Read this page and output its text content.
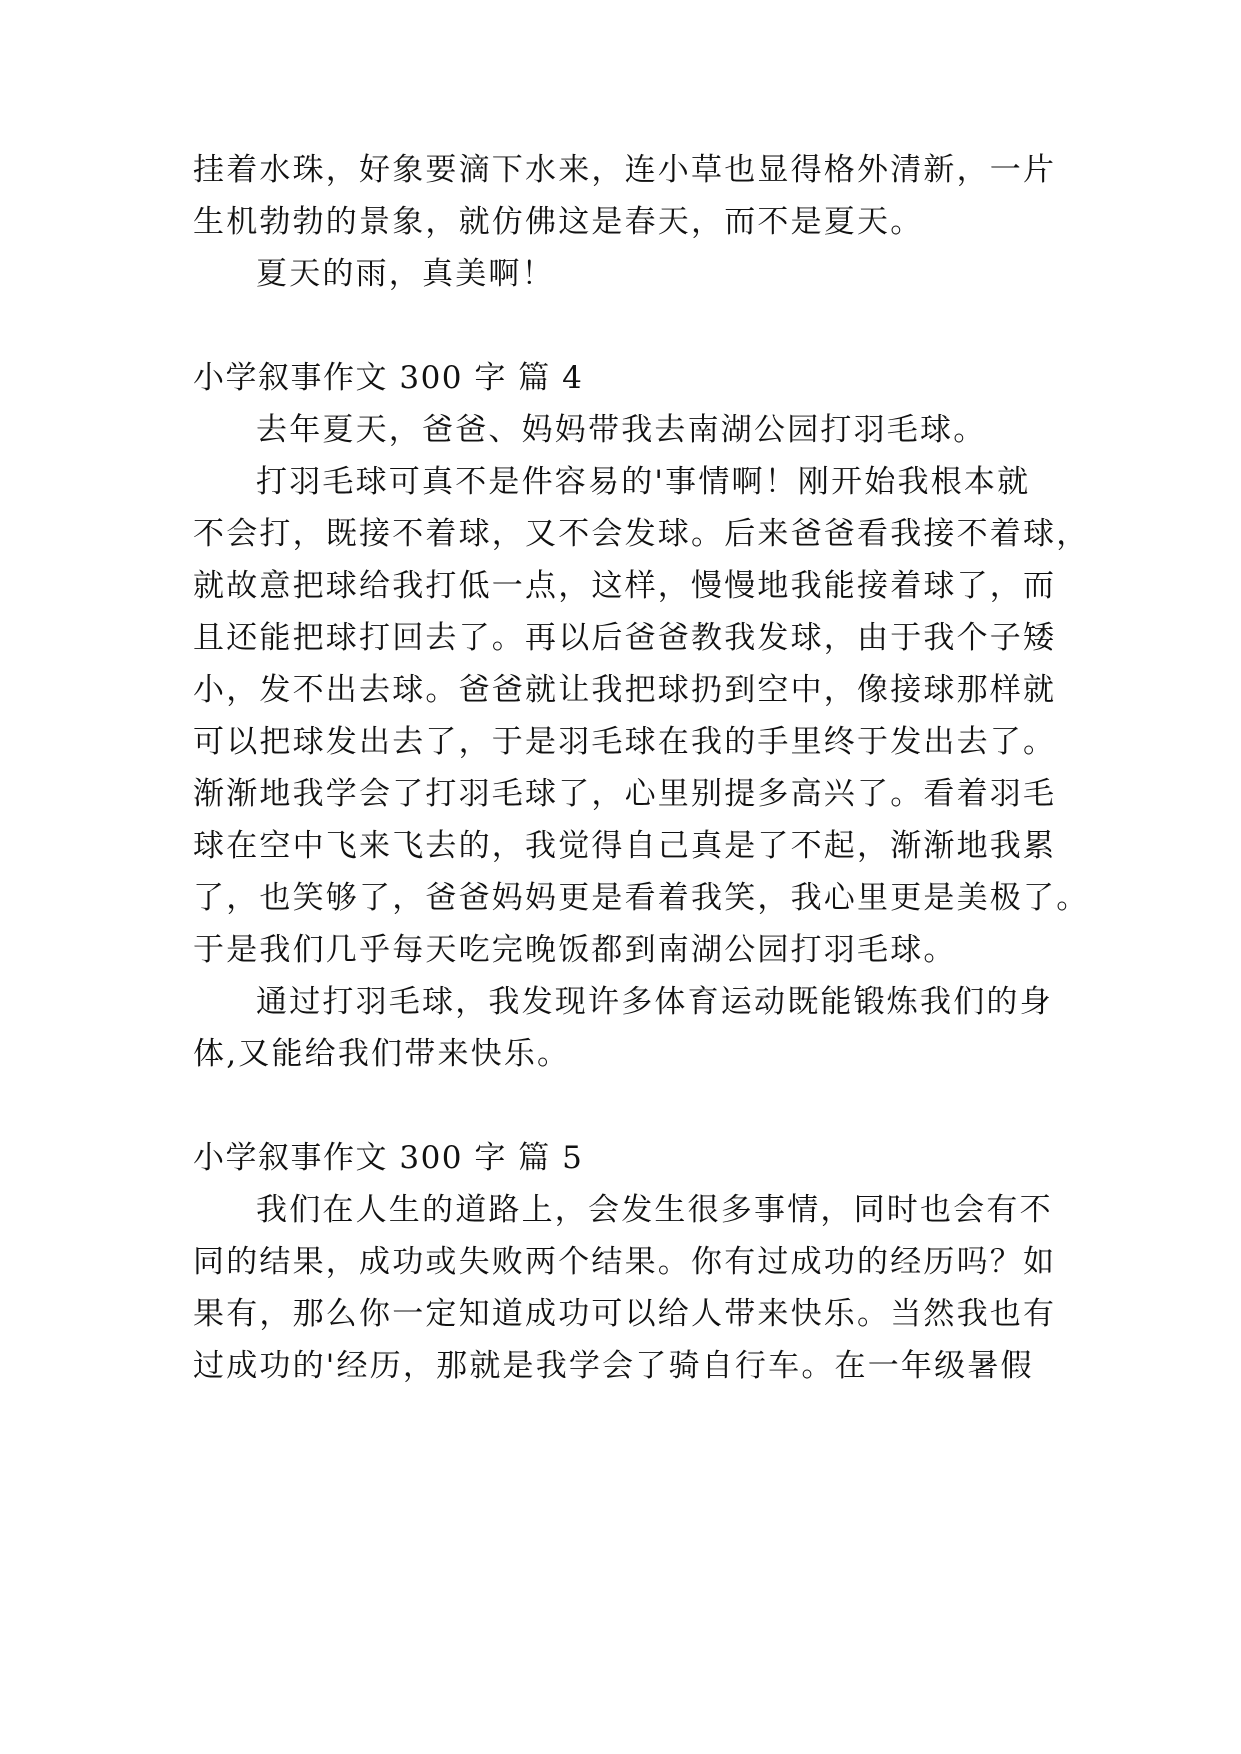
挂着水珠，好象要滴下水来，连小草也显得格外清新，一片
生机勃勃的景象，就仿佛这是春天，而不是夏天。
夏天的雨，真美啊！
小学叙事作文 300 字 篇 4
去年夏天，爸爸、妈妈带我去南湖公园打羽毛球。
打羽毛球可真不是件容易的'事情啊！刚开始我根本就
不会打，既接不着球，又不会发球。后来爸爸看我接不着球，
就故意把球给我打低一点，这样，慢慢地我能接着球了，而
且还能把球打回去了。再以后爸爸教我发球，由于我个子矮
小，发不出去球。爸爸就让我把球扔到空中，像接球那样就
可以把球发出去了，于是羽毛球在我的手里终于发出去了。
渐渐地我学会了打羽毛球了，心里别提多高兴了。看着羽毛
球在空中飞来飞去的，我觉得自己真是了不起，渐渐地我累
了，也笑够了，爸爸妈妈更是看着我笑，我心里更是美极了。
于是我们几乎每天吃完晚饭都到南湖公园打羽毛球。
通过打羽毛球，我发现许多体育运动既能锻炼我们的身
体,又能给我们带来快乐。
小学叙事作文 300 字 篇 5
我们在人生的道路上，会发生很多事情，同时也会有不
同的结果，成功或失败两个结果。你有过成功的经历吗？如
果有，那么你一定知道成功可以给人带来快乐。当然我也有
过成功的'经历，那就是我学会了骑自行车。在一年级暑假
